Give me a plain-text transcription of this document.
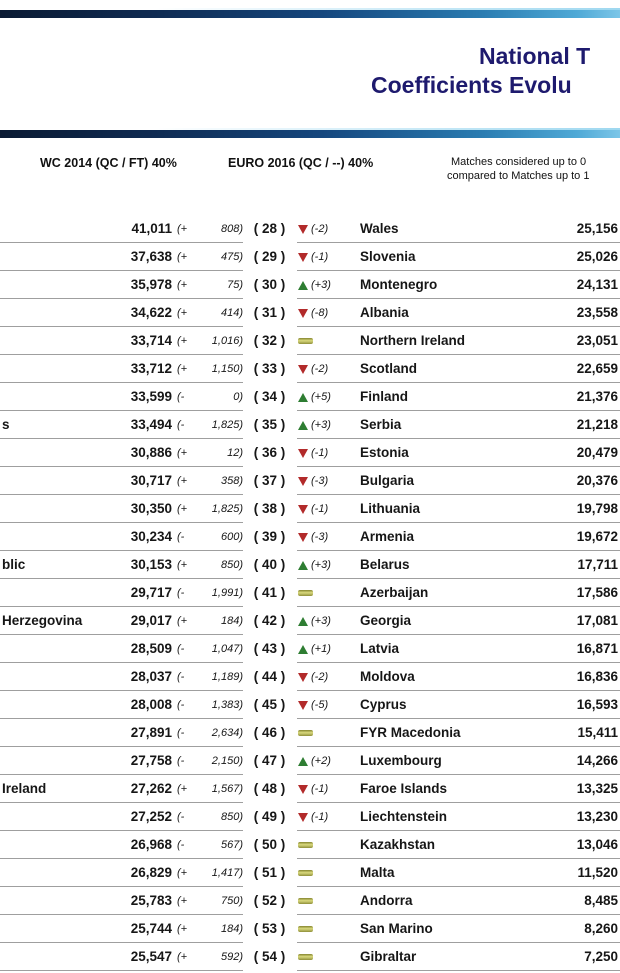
National T
Coefficients Evolu
WC 2014 (QC / FT) 40%	EURO 2016 (QC / --) 40%	Matches considered up to 0
compared to Matches up to 1
41,011 (+	808) ( 28 )	(-2) Wales	25,156
37,638 (+	475) ( 29 )	(-1) Slovenia	25,026
35,978 (+	75) ( 30 )	(+3) Montenegro	24,131
34,622 (+	414) ( 31 )	(-8) Albania	23,558
33,714 (+ 1,016) ( 32 )	Northern Ireland	23,051
33,712 (+ 1,150) ( 33 )	(-2) Scotland	22,659
33,599 (-	0) ( 34 )	(+5) Finland	21,376
s	33,494 (- 1,825) ( 35 )	(+3) Serbia	21,218
30,886 (+	12) ( 36 )	(-1) Estonia	20,479
30,717 (+	358) ( 37 )	(-3) Bulgaria	20,376
30,350 (+ 1,825) ( 38 )	(-1) Lithuania	19,798
30,234 (-	600) ( 39 )	(-3) Armenia	19,672
blic	30,153 (+	850) ( 40 )	(+3) Belarus	17,711
29,717 (- 1,991) ( 41 )	Azerbaijan	17,586
Herzegovina	29,017 (+	184) ( 42 )	(+3) Georgia	17,081
28,509 (- 1,047) ( 43 )	(+1) Latvia	16,871
28,037 (- 1,189) ( 44 )	(-2) Moldova	16,836
28,008 (- 1,383) ( 45 )	(-5) Cyprus	16,593
27,891 (- 2,634) ( 46 )	FYR Macedonia	15,411
27,758 (- 2,150) ( 47 )	(+2) Luxembourg	14,266
Ireland	27,262 (+ 1,567) ( 48 )	(-1) Faroe Islands	13,325
27,252 (-	850) ( 49 )	(-1) Liechtenstein	13,230
26,968 (-	567) ( 50 )	Kazakhstan	13,046
26,829 (+ 1,417) ( 51 )	Malta	11,520
25,783 (+	750) ( 52 )	Andorra	8,485
25,744 (+	184) ( 53 )	San Marino	8,260
25,547 (+	592) ( 54 )	Gibraltar	7,250
